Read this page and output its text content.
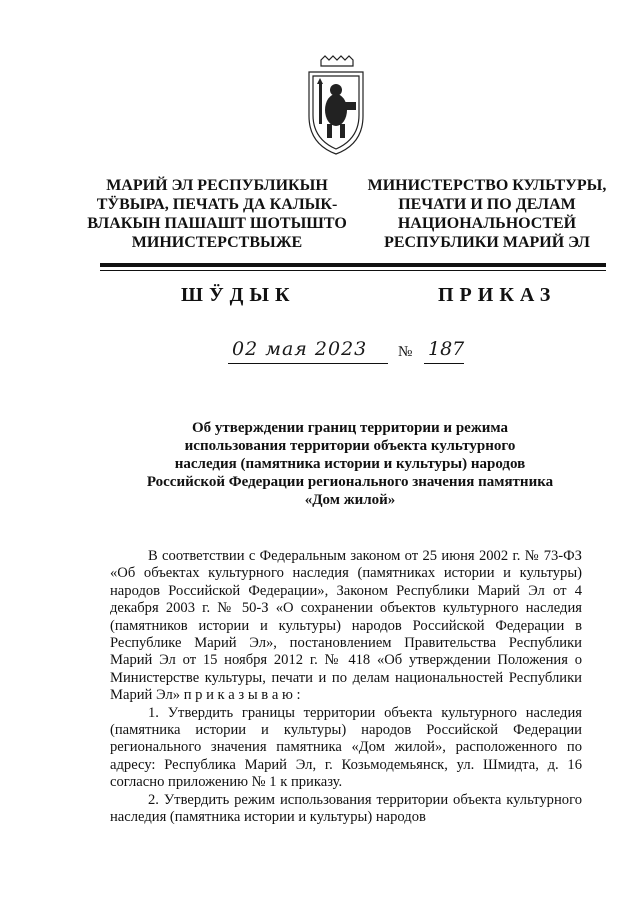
МАРИЙ ЭЛ РЕСПУБЛИКЫН
ТӰВЫРА, ПЕЧАТЬ ДА КАЛЫК-
ВЛАКЫН ПАШАШТ ШОТЫШТО
МИНИСТЕРСТВЫЖЕ
МИНИСТЕРСТВО КУЛЬТУРЫ,
ПЕЧАТИ И ПО ДЕЛАМ
НАЦИОНАЛЬНОСТЕЙ
РЕСПУБЛИКИ МАРИЙ ЭЛ
ШӰДЫК	ПРИКАЗ
02 мая 2023 № 187
Об утверждении границ территории и режима
использования территории объекта культурного
наследия (памятника истории и культуры) народов
Российской Федерации регионального значения памятника
«Дом жилой»

В соответствии с Федеральным законом от 25 июня 2002 г. № 73-ФЗ «Об объектах культурного наследия (памятниках истории и культуры) народов Российской Федерации», Законом Республики Марий Эл от 4 декабря 2003 г. № 50-З «О сохранении объектов культурного наследия (памятников истории и культуры) народов Российской Федерации в Республике Марий Эл», постановлением Правительства Республики Марий Эл от 15 ноября 2012 г. № 418 «Об утверждении Положения о Министерстве культуры, печати и по делам национальностей Республики Марий Эл» п р и к а з ы в а ю :

1. Утвердить границы территории объекта культурного наследия (памятника истории и культуры) народов Российской Федерации регионального значения памятника «Дом жилой», расположенного по адресу: Республика Марий Эл, г. Козьмодемьянск, ул. Шмидта, д. 16 согласно приложению № 1 к приказу.

2. Утвердить режим использования территории объекта культурного наследия (памятника истории и культуры) народов
